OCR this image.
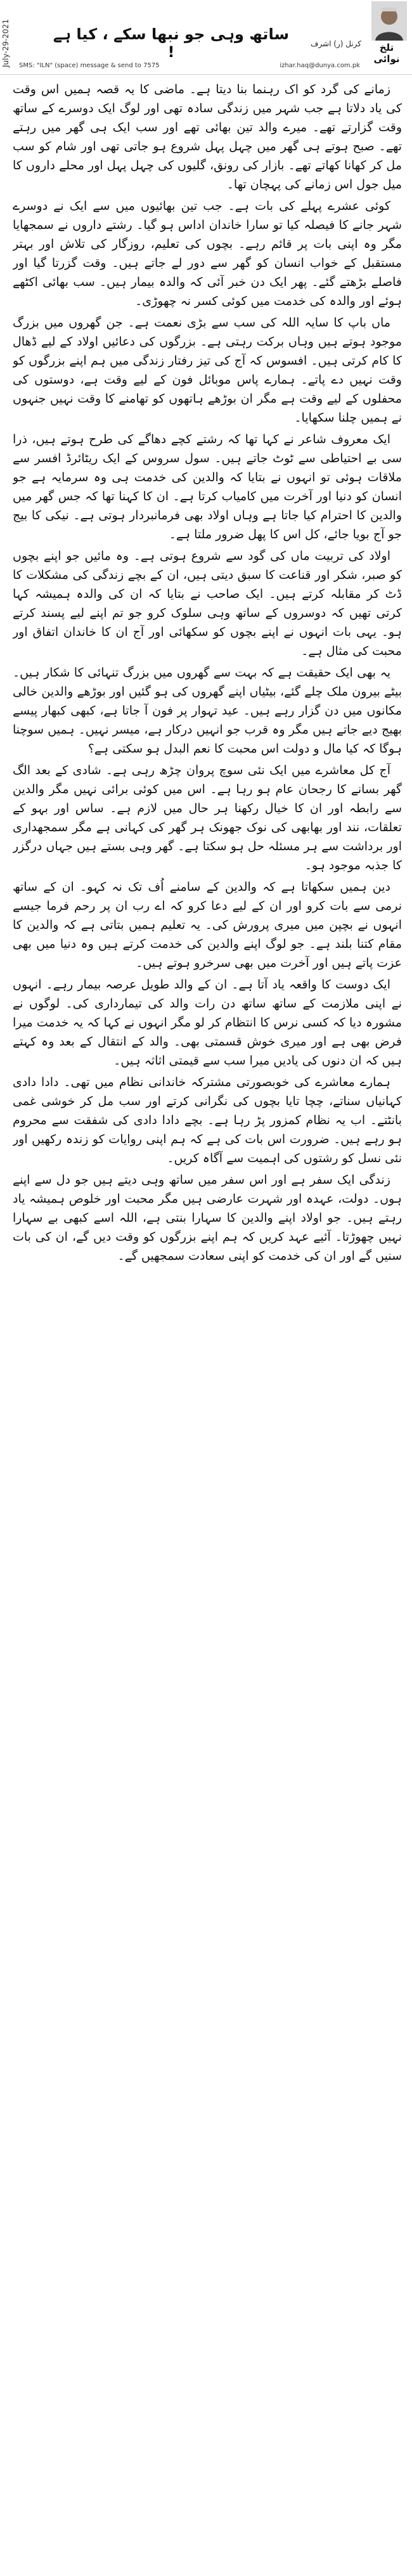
تلخ نوائی
کرنل (ر) اشرف
ساتھ وہی جو نبھا سکے ، کیا ہے !
July-29-2021	SMS: "ILN" (space) message & send to 7575	izhar.haq@dunya.com.pk

زمانے کی گرد کو اک رہنما بنا دیتا ہے۔ ماضی کا یہ قصہ ہمیں اس وقت کی یاد دلاتا ہے جب شہر میں زندگی سادہ تھی اور لوگ ایک دوسرے کے ساتھ وقت گزارتے تھے۔ میرے والد تین بھائی تھے اور سب ایک ہی گھر میں رہتے تھے۔ صبح ہوتے ہی گھر میں چہل پہل شروع ہو جاتی تھی اور شام کو سب مل کر کھانا کھاتے تھے۔ بازار کی رونق، گلیوں کی چہل پہل اور محلے داروں کا میل جول اس زمانے کی پہچان تھا۔

کوئی عشرے پہلے کی بات ہے۔ جب تین بھائیوں میں سے ایک نے دوسرے شہر جانے کا فیصلہ کیا تو سارا خاندان اداس ہو گیا۔ رشتے داروں نے سمجھایا مگر وہ اپنی بات پر قائم رہے۔ بچوں کی تعلیم، روزگار کی تلاش اور بہتر مستقبل کے خواب انسان کو گھر سے دور لے جاتے ہیں۔ وقت گزرتا گیا اور فاصلے بڑھتے گئے۔ پھر ایک دن خبر آئی کہ والدہ بیمار ہیں۔ سب بھائی اکٹھے ہوئے اور والدہ کی خدمت میں کوئی کسر نہ چھوڑی۔

ماں باپ کا سایہ اللہ کی سب سے بڑی نعمت ہے۔ جن گھروں میں بزرگ موجود ہوتے ہیں وہاں برکت رہتی ہے۔ بزرگوں کی دعائیں اولاد کے لیے ڈھال کا کام کرتی ہیں۔ افسوس کہ آج کی تیز رفتار زندگی میں ہم اپنے بزرگوں کو وقت نہیں دے پاتے۔ ہمارے پاس موبائل فون کے لیے وقت ہے، دوستوں کی محفلوں کے لیے وقت ہے مگر ان بوڑھے ہاتھوں کو تھامنے کا وقت نہیں جنہوں نے ہمیں چلنا سکھایا۔

ایک معروف شاعر نے کہا تھا کہ رشتے کچے دھاگے کی طرح ہوتے ہیں، ذرا سی بے احتیاطی سے ٹوٹ جاتے ہیں۔ سول سروس کے ایک ریٹائرڈ افسر سے ملاقات ہوئی تو انہوں نے بتایا کہ والدین کی خدمت ہی وہ سرمایہ ہے جو انسان کو دنیا اور آخرت میں کامیاب کرتا ہے۔ ان کا کہنا تھا کہ جس گھر میں والدین کا احترام کیا جاتا ہے وہاں اولاد بھی فرمانبردار ہوتی ہے۔ نیکی کا بیج جو آج بویا جائے، کل اس کا پھل ضرور ملتا ہے۔

اولاد کی تربیت ماں کی گود سے شروع ہوتی ہے۔ وہ مائیں جو اپنے بچوں کو صبر، شکر اور قناعت کا سبق دیتی ہیں، ان کے بچے زندگی کی مشکلات کا ڈٹ کر مقابلہ کرتے ہیں۔ ایک صاحب نے بتایا کہ ان کی والدہ ہمیشہ کہا کرتی تھیں کہ دوسروں کے ساتھ وہی سلوک کرو جو تم اپنے لیے پسند کرتے ہو۔ یہی بات انہوں نے اپنے بچوں کو سکھائی اور آج ان کا خاندان اتفاق اور محبت کی مثال ہے۔

یہ بھی ایک حقیقت ہے کہ بہت سے گھروں میں بزرگ تنہائی کا شکار ہیں۔ بیٹے بیرون ملک چلے گئے، بیٹیاں اپنے گھروں کی ہو گئیں اور بوڑھے والدین خالی مکانوں میں دن گزار رہے ہیں۔ عید تہوار پر فون آ جاتا ہے، کبھی کبھار پیسے بھیج دیے جاتے ہیں مگر وہ قرب جو انہیں درکار ہے، میسر نہیں۔ ہمیں سوچنا ہوگا کہ کیا مال و دولت اس محبت کا نعم البدل ہو سکتی ہے؟

آج کل معاشرے میں ایک نئی سوچ پروان چڑھ رہی ہے۔ شادی کے بعد الگ گھر بسانے کا رجحان عام ہو رہا ہے۔ اس میں کوئی برائی نہیں مگر والدین سے رابطہ اور ان کا خیال رکھنا ہر حال میں لازم ہے۔ ساس اور بہو کے تعلقات، نند اور بھابھی کی نوک جھونک ہر گھر کی کہانی ہے مگر سمجھداری اور برداشت سے ہر مسئلہ حل ہو سکتا ہے۔ گھر وہی بستے ہیں جہاں درگزر کا جذبہ موجود ہو۔

دین ہمیں سکھاتا ہے کہ والدین کے سامنے اُف تک نہ کہو۔ ان کے ساتھ نرمی سے بات کرو اور ان کے لیے دعا کرو کہ اے رب ان پر رحم فرما جیسے انہوں نے بچپن میں میری پرورش کی۔ یہ تعلیم ہمیں بتاتی ہے کہ والدین کا مقام کتنا بلند ہے۔ جو لوگ اپنے والدین کی خدمت کرتے ہیں وہ دنیا میں بھی عزت پاتے ہیں اور آخرت میں بھی سرخرو ہوتے ہیں۔

ایک دوست کا واقعہ یاد آتا ہے۔ ان کے والد طویل عرصہ بیمار رہے۔ انہوں نے اپنی ملازمت کے ساتھ ساتھ دن رات والد کی تیمارداری کی۔ لوگوں نے مشورہ دیا کہ کسی نرس کا انتظام کر لو مگر انہوں نے کہا کہ یہ خدمت میرا فرض بھی ہے اور میری خوش قسمتی بھی۔ والد کے انتقال کے بعد وہ کہتے ہیں کہ ان دنوں کی یادیں میرا سب سے قیمتی اثاثہ ہیں۔

ہمارے معاشرے کی خوبصورتی مشترکہ خاندانی نظام میں تھی۔ دادا دادی کہانیاں سناتے، چچا تایا بچوں کی نگرانی کرتے اور سب مل کر خوشی غمی بانٹتے۔ اب یہ نظام کمزور پڑ رہا ہے۔ بچے دادا دادی کی شفقت سے محروم ہو رہے ہیں۔ ضرورت اس بات کی ہے کہ ہم اپنی روایات کو زندہ رکھیں اور نئی نسل کو رشتوں کی اہمیت سے آگاہ کریں۔

زندگی ایک سفر ہے اور اس سفر میں ساتھ وہی دیتے ہیں جو دل سے اپنے ہوں۔ دولت، عہدہ اور شہرت عارضی ہیں مگر محبت اور خلوص ہمیشہ یاد رہتے ہیں۔ جو اولاد اپنے والدین کا سہارا بنتی ہے، اللہ اسے کبھی بے سہارا نہیں چھوڑتا۔ آئیے عہد کریں کہ ہم اپنے بزرگوں کو وقت دیں گے، ان کی بات سنیں گے اور ان کی خدمت کو اپنی سعادت سمجھیں گے۔
